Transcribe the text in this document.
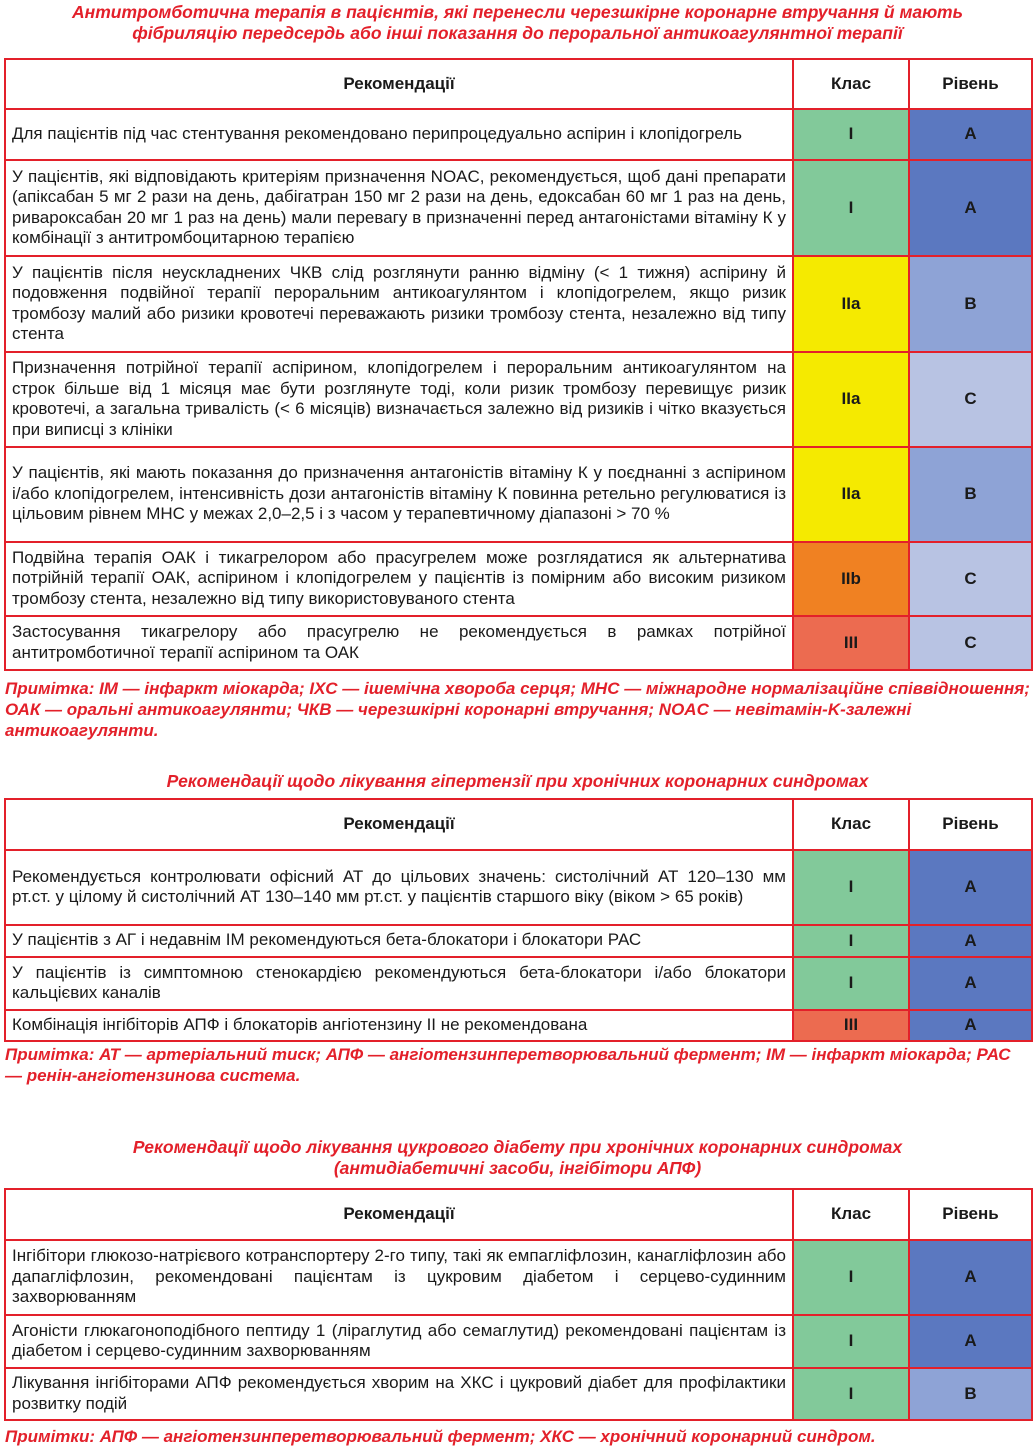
Антитромботична терапія в пацієнтів, які перенесли черезшкірне коронарне втручання й мають
фібриляцію передсердь або інші показання до пероральної антикоагулянтної терапії
Рекомендації	Клас	Рівень
Для пацієнтів під час стентування рекомендовано перипроцедуально аспірин і клопідогрель	I	A
У пацієнтів, які відповідають критеріям призначення NOAC, рекомендується, щоб дані препарати (апіксабан 5 мг 2 рази на день, дабігатран 150 мг 2 рази на день, едоксабан 60 мг 1 раз на день, ривароксабан 20 мг 1 раз на день) мали перевагу в призначенні перед антагоністами вітаміну К у комбінації з антитромбоцитарною терапією	I	A
У пацієнтів після неускладнених ЧКВ слід розглянути ранню відміну (< 1 тижня) аспірину й подовження подвійної терапії пероральним антикоагулянтом і клопідогрелем, якщо ризик тромбозу малий або ризики кровотечі переважають ризики тромбозу стента, незалежно від типу стента	IIa	B
Призначення потрійної терапії аспірином, клопідогрелем і пероральним антикоагулянтом на строк більше від 1 місяця має бути розглянуте тоді, коли ризик тромбозу перевищує ризик кровотечі, а загальна тривалість (< 6 місяців) визначається залежно від ризиків і чітко вказується при виписці з клініки	IIa	C
У пацієнтів, які мають показання до призначення антагоністів вітаміну К у поєднанні з аспірином і/або клопідогрелем, інтенсивність дози антагоністів вітаміну К повинна ретельно регулюватися із цільовим рівнем МНС у межах 2,0–2,5 і з часом у терапевтичному діапазоні > 70 %	IIa	B
Подвійна терапія ОАК і тикагрелором або прасугрелем може розглядатися як альтернатива потрійній терапії ОАК, аспірином і клопідогрелем у пацієнтів із помірним або високим ризиком тромбозу стента, незалежно від типу використовуваного стента	IIb	C
Застосування тикагрелору або прасугрелю не рекомендується в рамках потрійної антитромботичної терапії аспірином та ОАК	III	C
Примітка: ІМ — інфаркт міокарда; ІХС — ішемічна хвороба серця; МНС — міжнародне нормалізаційне співвідношення; ОАК — оральні антикоагулянти; ЧКВ — черезшкірні коронарні втручання; NOAC — невітамін-K-залежні антикоагулянти.
Рекомендації щодо лікування гіпертензії при хронічних коронарних синдромах
Рекомендації	Клас	Рівень
Рекомендується контролювати офісний АТ до цільових значень: систолічний АТ 120–130 мм рт.ст. у цілому й систолічний АТ 130–140 мм рт.ст. у пацієнтів старшого віку (віком > 65 років)	I	A
У пацієнтів з АГ і недавнім ІМ рекомендуються бета-блокатори і блокатори РАС	I	A
У пацієнтів із симптомною стенокардією рекомендуються бета-блокатори і/або блокатори кальцієвих каналів	I	A
Комбінація інгібіторів АПФ і блокаторів ангіотензину ІІ не рекомендована	III	A
Примітка: АТ — артеріальний тиск; АПФ — ангіотензинперетворювальний фермент; ІМ — інфаркт міокарда; РАС — ренін-ангіотензинова система.
Рекомендації щодо лікування цукрового діабету при хронічних коронарних синдромах
(антидіабетичні засоби, інгібітори АПФ)
Рекомендації	Клас	Рівень
Інгібітори глюкозо-натрієвого котранспортеру 2-го типу, такі як емпагліфлозин, канагліфлозин або дапагліфлозин, рекомендовані пацієнтам із цукровим діабетом і серцево-судинним захворюванням	I	A
Агоністи глюкагоноподібного пептиду 1 (ліраглутид або семаглутид) рекомендовані пацієнтам із діабетом і серцево-судинним захворюванням	I	A
Лікування інгібіторами АПФ рекомендується хворим на ХКС і цукровий діабет для профілактики розвитку подій	I	B
Примітки: АПФ — ангіотензинперетворювальний фермент; ХКС — хронічний коронарний синдром.
